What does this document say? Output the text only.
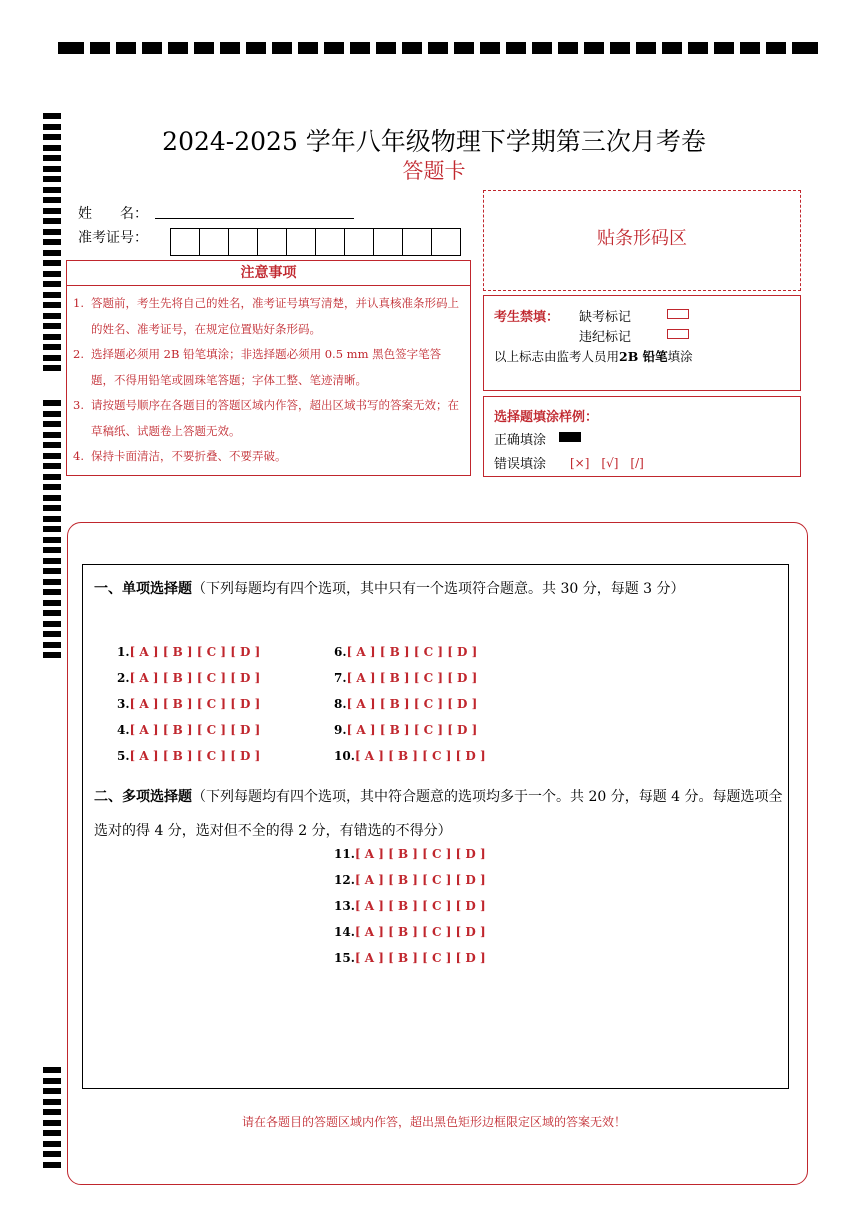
2024-2025 学年八年级物理下学期第三次月考卷
答题卡
姓　　名：
准考证号：
注意事项
1. 答题前，考生先将自己的姓名，准考证号填写清楚，并认真核准条形码上的姓名、准考证号，在规定位置贴好条形码。
2. 选择题必须用 2B 铅笔填涂；非选择题必须用 0.5 mm 黑色签字笔答题，不得用铅笔或圆珠笔答题；字体工整、笔迹清晰。
3. 请按题号顺序在各题目的答题区域内作答，超出区域书写的答案无效；在草稿纸、试题卷上答题无效。
4. 保持卡面清洁，不要折叠、不要弄破。
贴条形码区
考生禁填： 缺考标记
违纪标记
以上标志由监考人员用2B 铅笔填涂
选择题填涂样例：
正确填涂
错误填涂 [×]　[√]　[/]
一、单项选择题（下列每题均有四个选项，其中只有一个选项符合题意。共 30 分，每题 3 分）
1.[ A ] [ B ] [ C ] [ D ]
2.[ A ] [ B ] [ C ] [ D ]
3.[ A ] [ B ] [ C ] [ D ]
4.[ A ] [ B ] [ C ] [ D ]
5.[ A ] [ B ] [ C ] [ D ]
6.[ A ] [ B ] [ C ] [ D ]
7.[ A ] [ B ] [ C ] [ D ]
8.[ A ] [ B ] [ C ] [ D ]
9.[ A ] [ B ] [ C ] [ D ]
10.[ A ] [ B ] [ C ] [ D ]
二、多项选择题（下列每题均有四个选项，其中符合题意的选项均多于一个。共 20 分，每题 4 分。每题选项全选对的得 4 分，选对但不全的得 2 分，有错选的不得分）
11.[ A ] [ B ] [ C ] [ D ]
12.[ A ] [ B ] [ C ] [ D ]
13.[ A ] [ B ] [ C ] [ D ]
14.[ A ] [ B ] [ C ] [ D ]
15.[ A ] [ B ] [ C ] [ D ]
请在各题目的答题区域内作答，超出黑色矩形边框限定区域的答案无效！
